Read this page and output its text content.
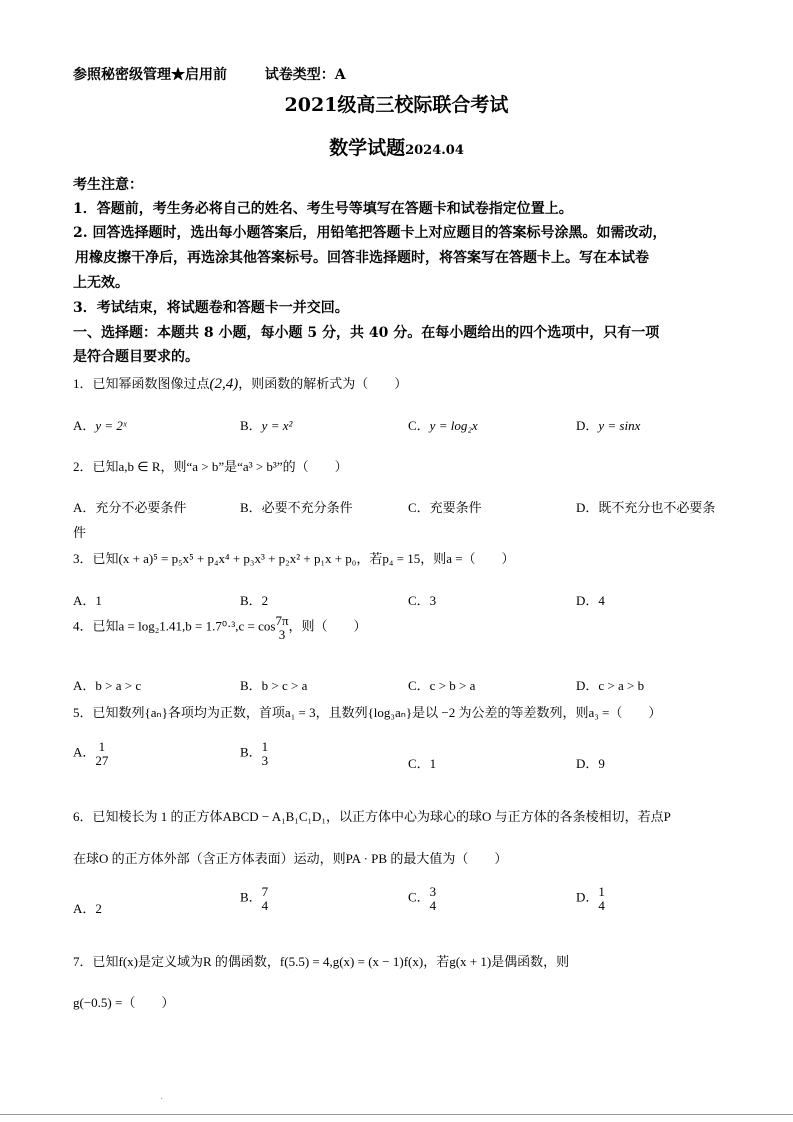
参照秘密级管理★启用前	试卷类型：A
2021级高三校际联合考试
数学试题2024.04
考生注意：
1．答题前，考生务必将自己的姓名、考生号等填写在答题卡和试卷指定位置上。
2. 回答选择题时，选出每小题答案后，用铅笔把答题卡上对应题目的答案标号涂黑。如需改动，
用橡皮擦干净后，再选涂其他答案标号。回答非选择题时，将答案写在答题卡上。写在本试卷
上无效。
3．考试结束，将试题卷和答题卡一并交回。
一、选择题：本题共 8 小题，每小题 5 分，共 40 分。在每小题给出的四个选项中，只有一项
是符合题目要求的。
1．已知幂函数图像过点(2,4)，则函数的解析式为（　　）
A．y = 2ˣ	B．y = x²	C．y = log₂x	D．y = sinx
2．已知a,b ∈ R，则“a > b”是“a³ > b³”的（　　）
A．充分不必要条件	B．必要不充分条件	C．充要条件	D．既不充分也不必要条
件
3．已知(x + a)⁵ = p₅x⁵ + p₄x⁴ + p₃x³ + p₂x² + p₁x + p₀，若p₄ = 15，则a =（　　）
A．1	B．2	C．3	D．4
4．已知a = log₂1.41,b = 1.7⁰·³,c = cos 7π
3
，则（　　）
A．b > a > c	B．b > c > a	C．c > b > a	D．c > a > b
5．已知数列{aₙ}各项均为正数，首项a₁ = 3，且数列{log₃aₙ}是以 −2 为公差的等差数列，则a₃ =（　　）
A． 1
27
B． 1
3	C．1	D．9
6．已知棱长为 1 的正方体ABCD − A₁B₁C₁D₁，以正方体中心为球心的球O 与正方体的各条棱相切，若点P
在球O 的正方体外部（含正方体表面）运动，则PA · PB 的最大值为（　　）
A．2
B． 7
4
C． 3
4
D． 1
4
7．已知f(x)是定义域为R 的偶函数，f(5.5) = 4,g(x) = (x − 1)f(x)，若g(x + 1)是偶函数，则
g(−0.5) =（　　）
.
